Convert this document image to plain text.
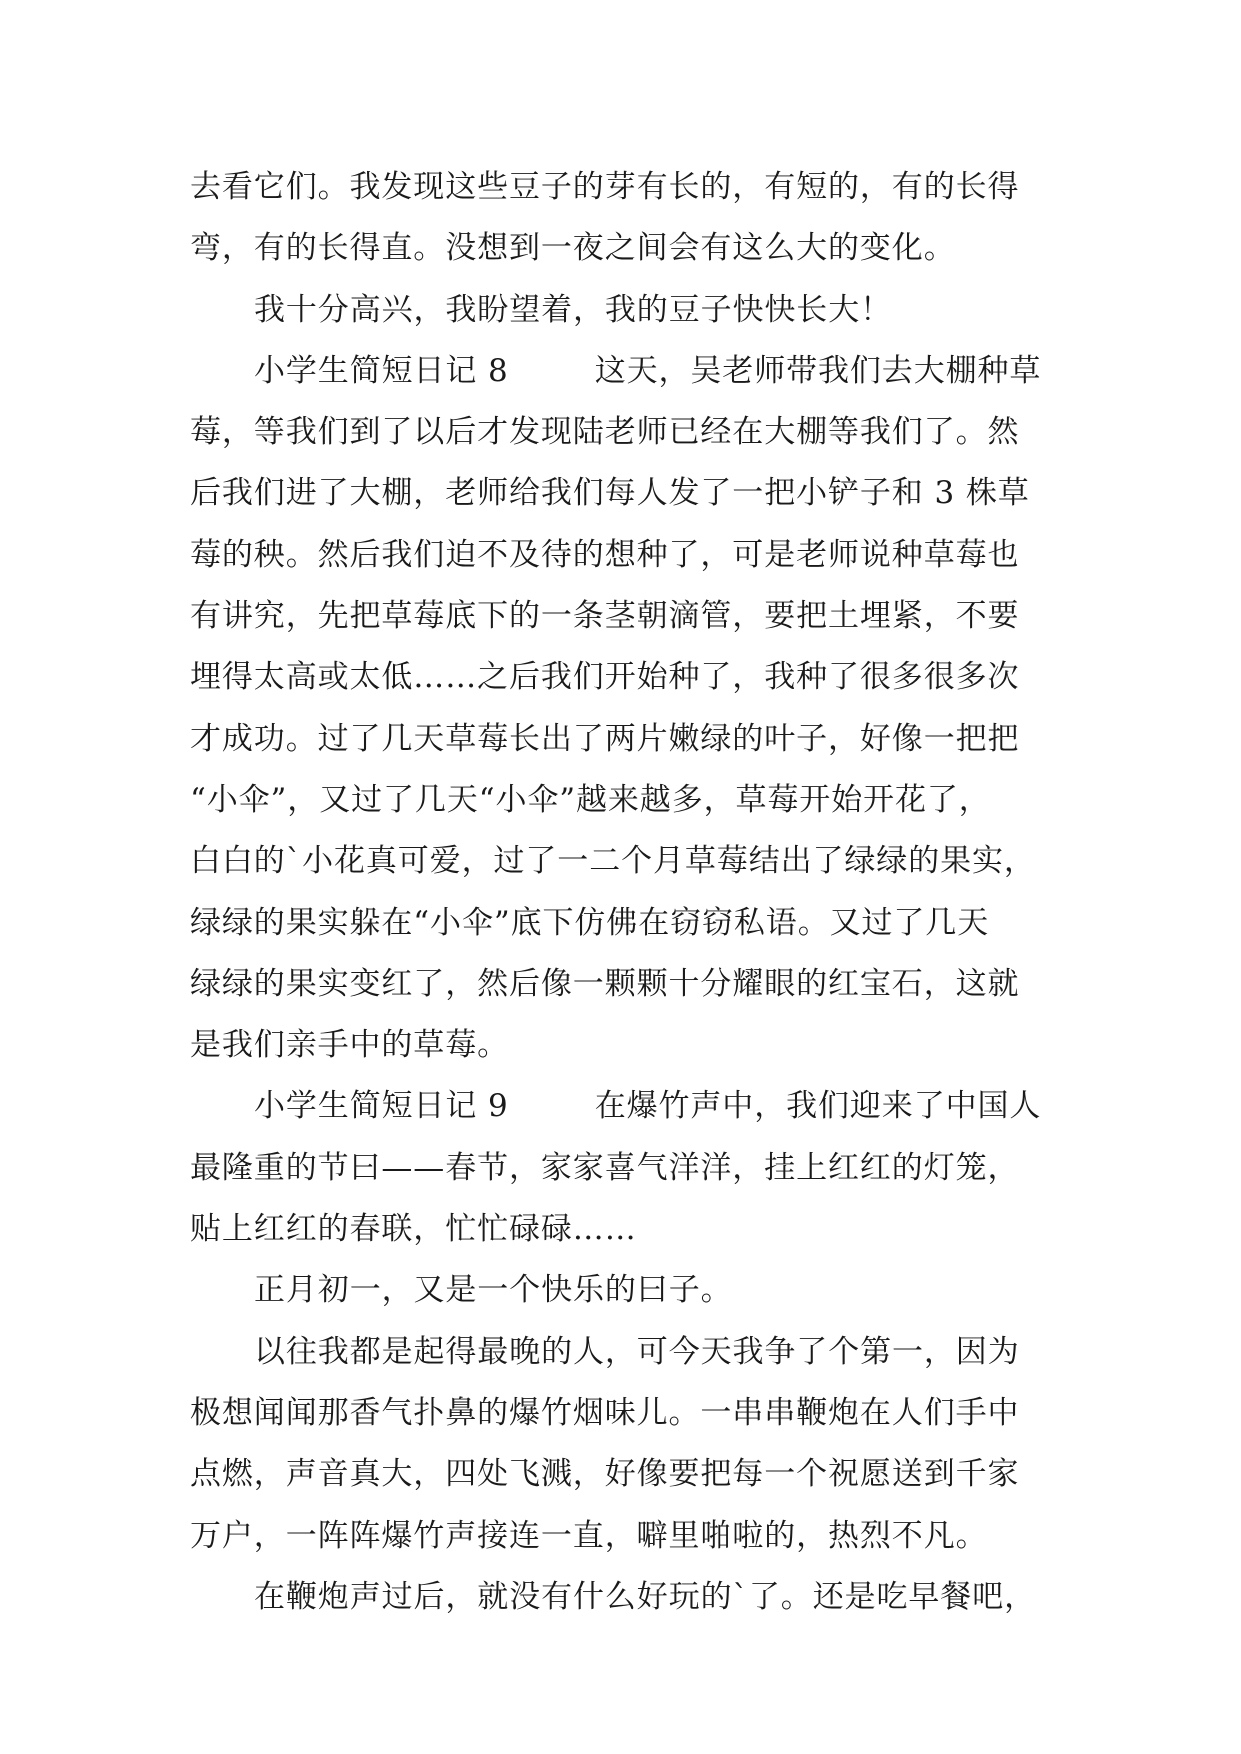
去看它们。我发现这些豆子的芽有长的，有短的，有的长得
弯，有的长得直。没想到一夜之间会有这么大的变化。
我十分高兴，我盼望着，我的豆子快快长大！
小学生简短日记 8        这天，吴老师带我们去大棚种草
莓，等我们到了以后才发现陆老师已经在大棚等我们了。然
后我们进了大棚，老师给我们每人发了一把小铲子和 3 株草
莓的秧。然后我们迫不及待的想种了，可是老师说种草莓也
有讲究，先把草莓底下的一条茎朝滴管，要把土埋紧，不要
埋得太高或太低……之后我们开始种了，我种了很多很多次
才成功。过了几天草莓长出了两片嫩绿的叶子，好像一把把
“小伞”，又过了几天“小伞”越来越多，草莓开始开花了，
白白的`小花真可爱，过了一二个月草莓结出了绿绿的果实，
绿绿的果实躲在“小伞”底下仿佛在窃窃私语。又过了几天
绿绿的果实变红了，然后像一颗颗十分耀眼的红宝石，这就
是我们亲手中的草莓。
小学生简短日记 9        在爆竹声中，我们迎来了中国人
最隆重的节曰——春节，家家喜气洋洋，挂上红红的灯笼，
贴上红红的春联，忙忙碌碌……
正月初一，又是一个快乐的曰子。
以往我都是起得最晚的人，可今天我争了个第一，因为
极想闻闻那香气扑鼻的爆竹烟味儿。一串串鞭炮在人们手中
点燃，声音真大，四处飞溅，好像要把每一个祝愿送到千家
万户，一阵阵爆竹声接连一直，噼里啪啦的，热烈不凡。
在鞭炮声过后，就没有什么好玩的`了。还是吃早餐吧，
